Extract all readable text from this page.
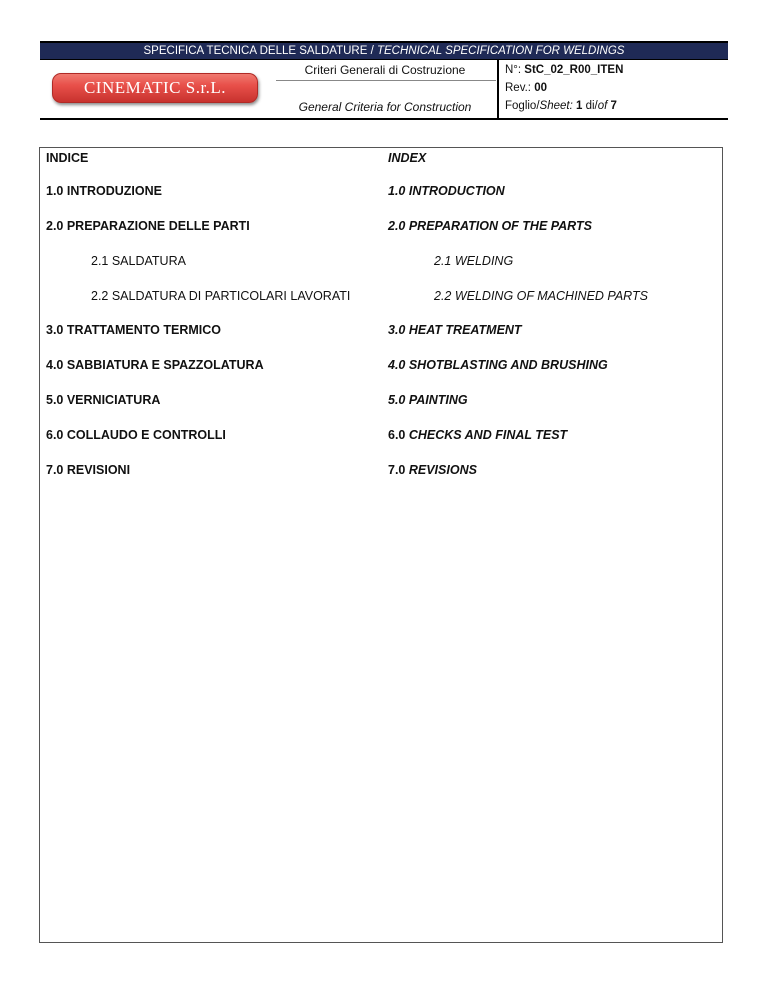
SPECIFICA TECNICA DELLE SALDATURE / TECHNICAL SPECIFICATION FOR WELDINGS
CINEMATIC S.r.L.
Criteri Generali di Costruzione
General Criteria for Construction
N°: StC_02_R00_ITEN
Rev.: 00
Foglio/Sheet: 1 di/of 7
INDICE	INDEX
1.0 INTRODUZIONE	1.0 INTRODUCTION
2.0 PREPARAZIONE DELLE PARTI	2.0 PREPARATION OF THE PARTS
2.1 SALDATURA	2.1 WELDING
2.2 SALDATURA DI PARTICOLARI LAVORATI	2.2 WELDING OF MACHINED PARTS
3.0 TRATTAMENTO TERMICO	3.0 HEAT TREATMENT
4.0 SABBIATURA E SPAZZOLATURA	4.0 SHOTBLASTING AND BRUSHING
5.0 VERNICIATURA	5.0 PAINTING
6.0 COLLAUDO E CONTROLLI	6.0 CHECKS AND FINAL TEST
7.0 REVISIONI	7.0 REVISIONS
